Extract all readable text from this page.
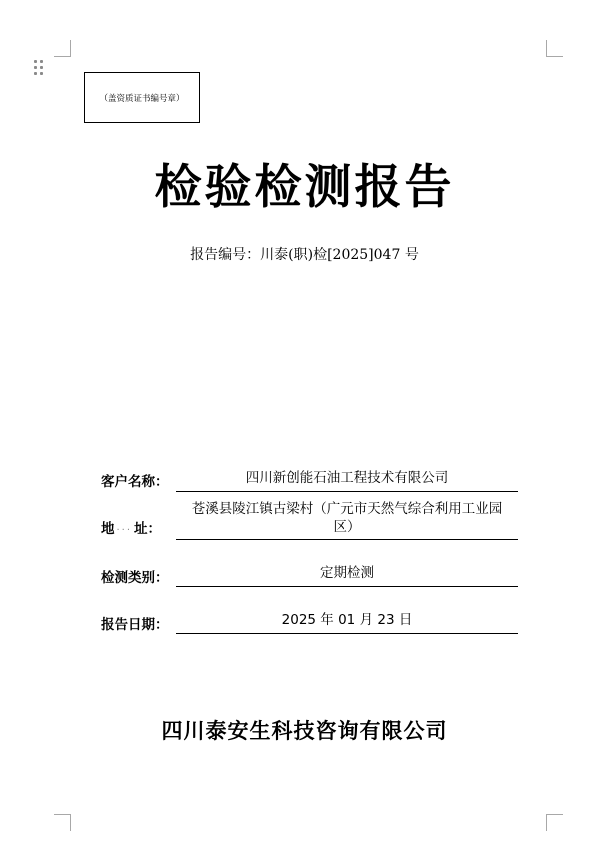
（盖资质证书编号章）
检验检测报告
报告编号：川泰(职)检[2025]047 号
客户名称：	四川新创能石油工程技术有限公司
地 ··· 址：
苍溪县陵江镇古梁村（广元市天然气综合利用工业园
区）
检测类别：	定期检测
报告日期：	2025 年 01 月 23 日
四川泰安生科技咨询有限公司
